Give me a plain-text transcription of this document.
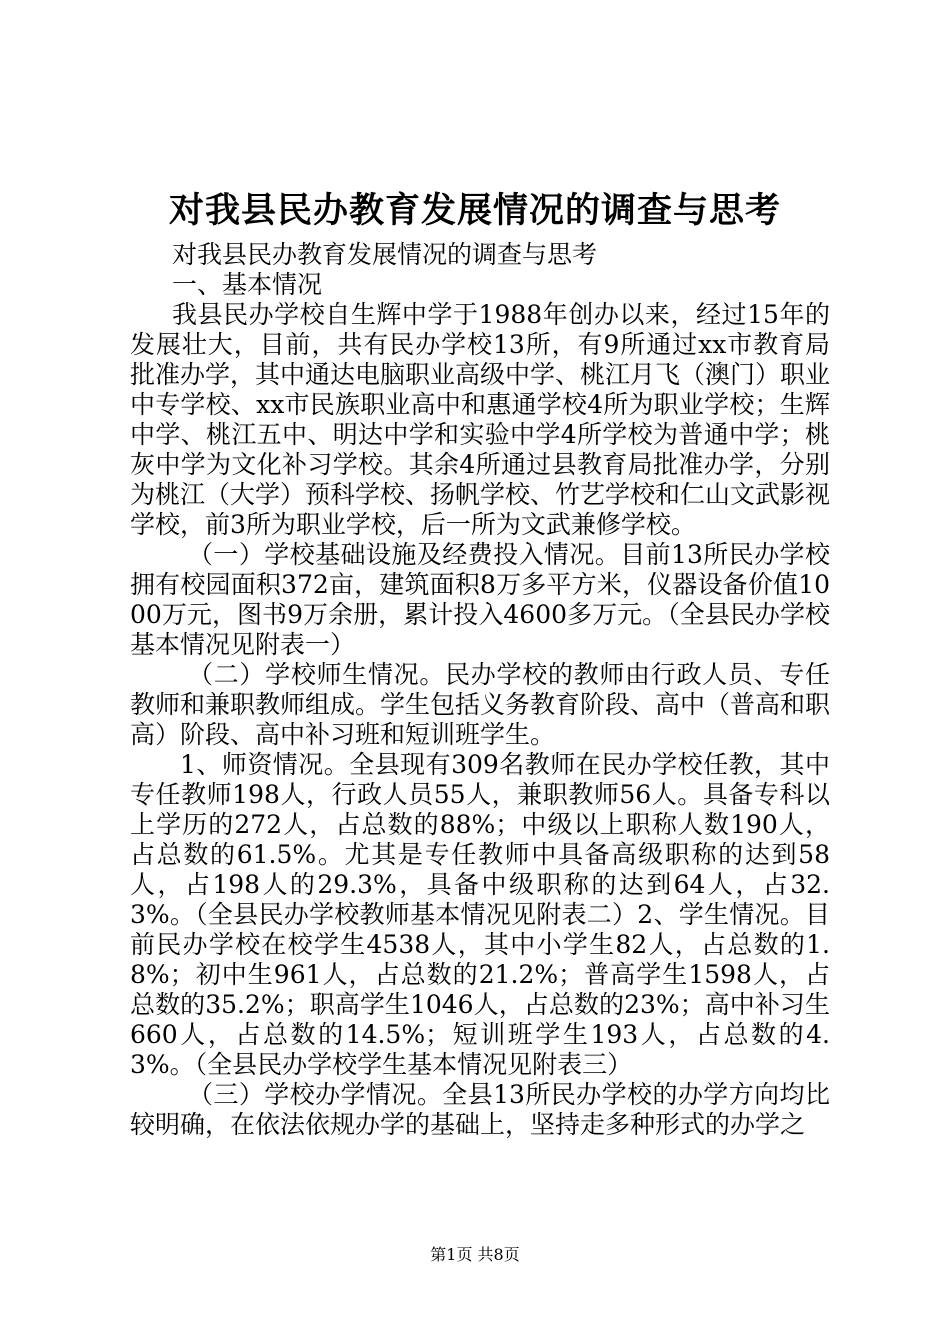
对我县民办教育发展情况的调查与思考

对我县民办教育发展情况的调查与思考

一、基本情况

我县民办学校自生辉中学于1988年创办以来，经过15年的发展壮大，目前，共有民办学校13所，有9所通过xx市教育局批准办学，其中通达电脑职业高级中学、桃江月飞（澳门）职业中专学校、xx市民族职业高中和惠通学校4所为职业学校；生辉中学、桃江五中、明达中学和实验中学4所学校为普通中学；桃灰中学为文化补习学校。其余4所通过县教育局批准办学，分别为桃江（大学）预科学校、扬帆学校、竹艺学校和仁山文武影视学校，前3所为职业学校，后一所为文武兼修学校。

（一）学校基础设施及经费投入情况。目前13所民办学校拥有校园面积372亩，建筑面积8万多平方米，仪器设备价值1000万元，图书9万余册，累计投入4600多万元。（全县民办学校基本情况见附表一）

（二）学校师生情况。民办学校的教师由行政人员、专任教师和兼职教师组成。学生包括义务教育阶段、高中（普高和职高）阶段、高中补习班和短训班学生。

1、师资情况。全县现有309名教师在民办学校任教，其中专任教师198人，行政人员55人，兼职教师56人。具备专科以上学历的272人，占总数的88%；中级以上职称人数190人，占总数的61.5%。尤其是专任教师中具备高级职称的达到58人，占198人的29.3%，具备中级职称的达到64人，占32.3%。（全县民办学校教师基本情况见附表二）2、学生情况。目前民办学校在校学生4538人，其中小学生82人，占总数的1.8%；初中生961人，占总数的21.2%；普高学生1598人，占总数的35.2%；职高学生1046人，占总数的23%；高中补习生660人，占总数的14.5%；短训班学生193人，占总数的4.3%。（全县民办学校学生基本情况见附表三）

（三）学校办学情况。全县13所民办学校的办学方向均比较明确，在依法依规办学的基础上，坚持走多种形式的办学之

第1页 共8页
